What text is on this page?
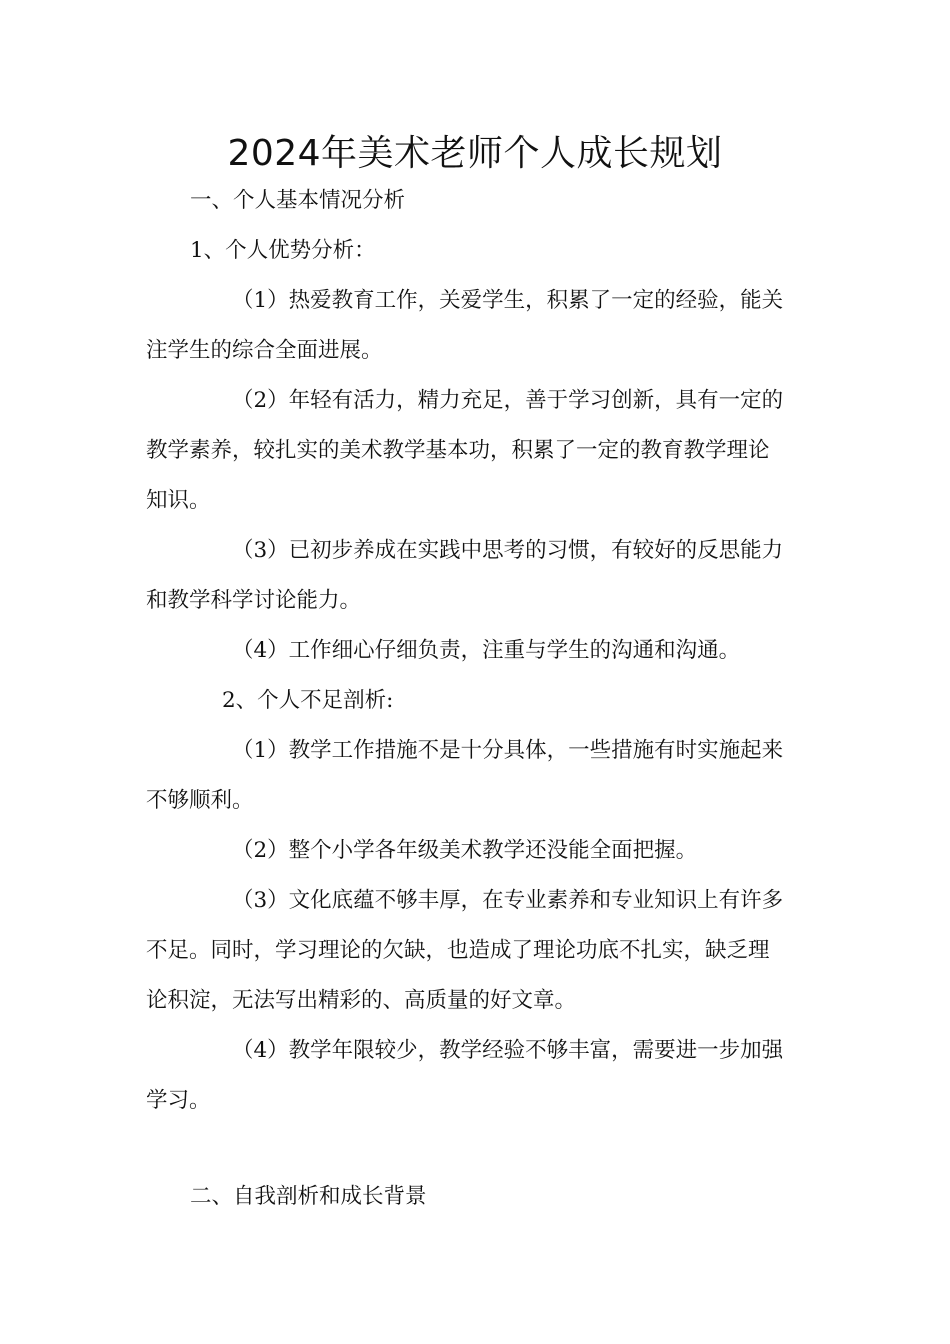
2024年美术老师个人成长规划
一、个人基本情况分析
1、个人优势分析：
（1）热爱教育工作，关爱学生，积累了一定的经验，能关
注学生的综合全面进展。
（2）年轻有活力，精力充足，善于学习创新，具有一定的
教学素养，较扎实的美术教学基本功，积累了一定的教育教学理论
知识。
（3）已初步养成在实践中思考的习惯，有较好的反思能力
和教学科学讨论能力。
（4）工作细心仔细负责，注重与学生的沟通和沟通。
2、个人不足剖析:
（1）教学工作措施不是十分具体，一些措施有时实施起来
不够顺利。
（2）整个小学各年级美术教学还没能全面把握。
（3）文化底蕴不够丰厚，在专业素养和专业知识上有许多
不足。同时，学习理论的欠缺，也造成了理论功底不扎实，缺乏理
论积淀，无法写出精彩的、高质量的好文章。
（4）教学年限较少，教学经验不够丰富，需要进一步加强
学习。
二、自我剖析和成长背景
